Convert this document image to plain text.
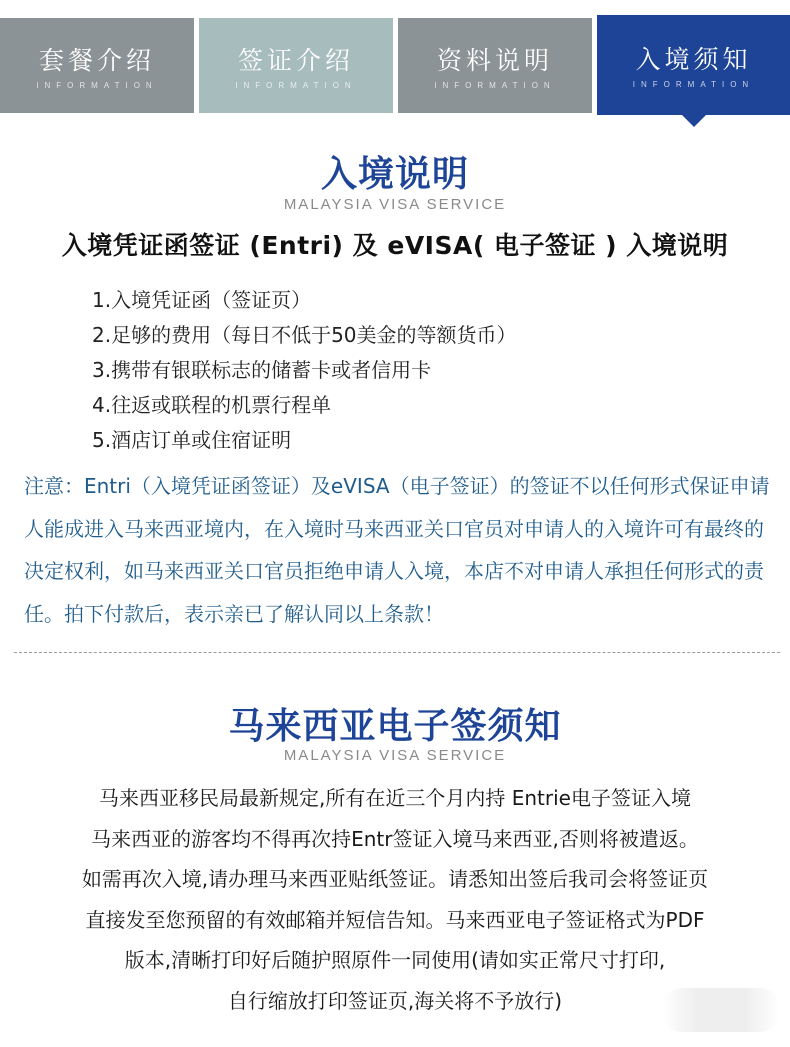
套餐介绍
INFORMATION
签证介绍
INFORMATION
资料说明
INFORMATION
入境须知
INFORMATION
入境说明
MALAYSIA VISA SERVICE
入境凭证函签证 (Entri) 及 eVISA( 电子签证 ) 入境说明
1.入境凭证函（签证页）
2.足够的费用（每日不低于50美金的等额货币）
3.携带有银联标志的储蓄卡或者信用卡
4.往返或联程的机票行程单
5.酒店订单或住宿证明
注意：Entri（入境凭证函签证）及eVISA（电子签证）的签证不以任何形式保证申请人能成进入马来西亚境内，在入境时马来西亚关口官员对申请人的入境许可有最终的决定权利，如马来西亚关口官员拒绝申请人入境，本店不对申请人承担任何形式的责任。拍下付款后，表示亲已了解认同以上条款！
马来西亚电子签须知
MALAYSIA VISA SERVICE
马来西亚移民局最新规定,所有在近三个月内持 Entrie电子签证入境
马来西亚的游客均不得再次持Entr签证入境马来西亚,否则将被遣返。
如需再次入境,请办理马来西亚贴纸签证。请悉知出签后我司会将签证页
直接发至您预留的有效邮箱并短信告知。马来西亚电子签证格式为PDF
版本,清晰打印好后随护照原件一同使用(请如实正常尺寸打印,
自行缩放打印签证页,海关将不予放行)
